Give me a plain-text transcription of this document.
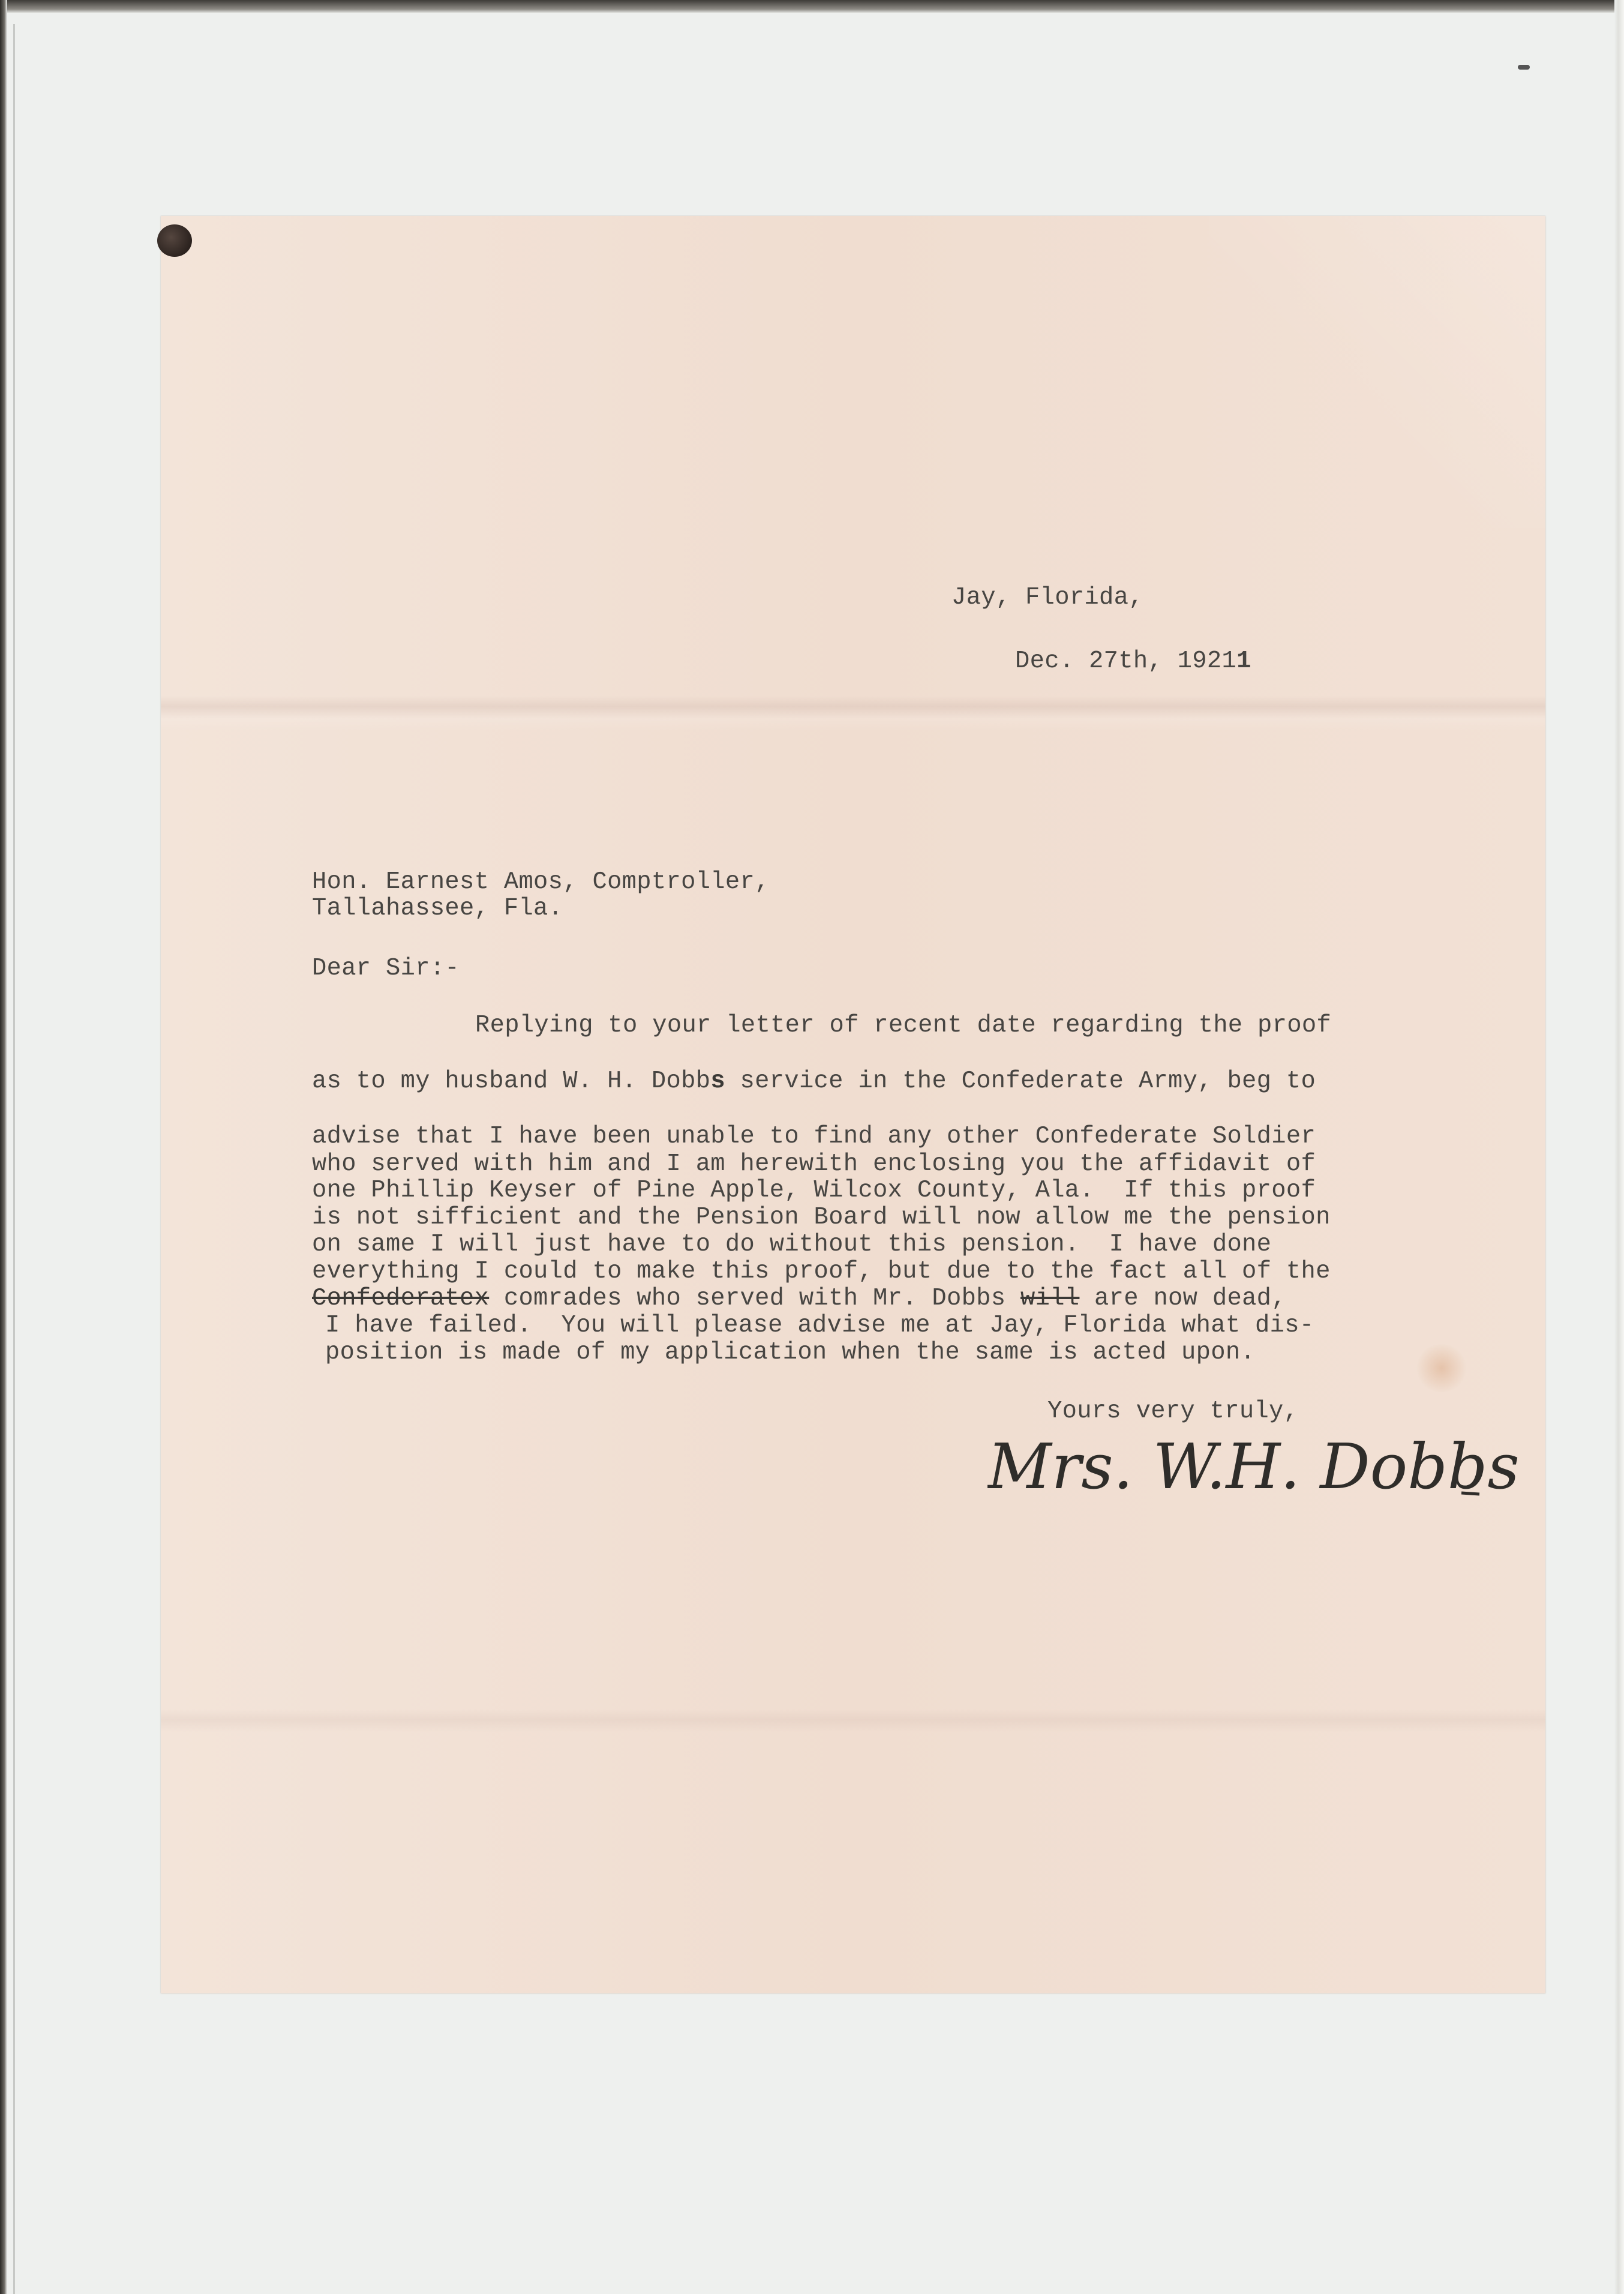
Jay, Florida,
Dec. 27th, 19211
Hon. Earnest Amos, Comptroller,
Tallahassee, Fla.
Dear Sir:-
Replying to your letter of recent date regarding the proof
as to my husband W. H. Dobbs service in the Confederate Army, beg to
advise that I have been unable to find any other Confederate Soldier
who served with him and I am herewith enclosing you the affidavit of
one Phillip Keyser of Pine Apple, Wilcox County, Ala.  If this proof
is not sifficient and the Pension Board will now allow me the pension
on same I will just have to do without this pension.  I have done
everything I could to make this proof, but due to the fact all of the
Confederatex comrades who served with Mr. Dobbs will are now dead,
I have failed.  You will please advise me at Jay, Florida what dis-
position is made of my application when the same is acted upon.
Yours very truly,
Mrs. W.H. Dobbs
